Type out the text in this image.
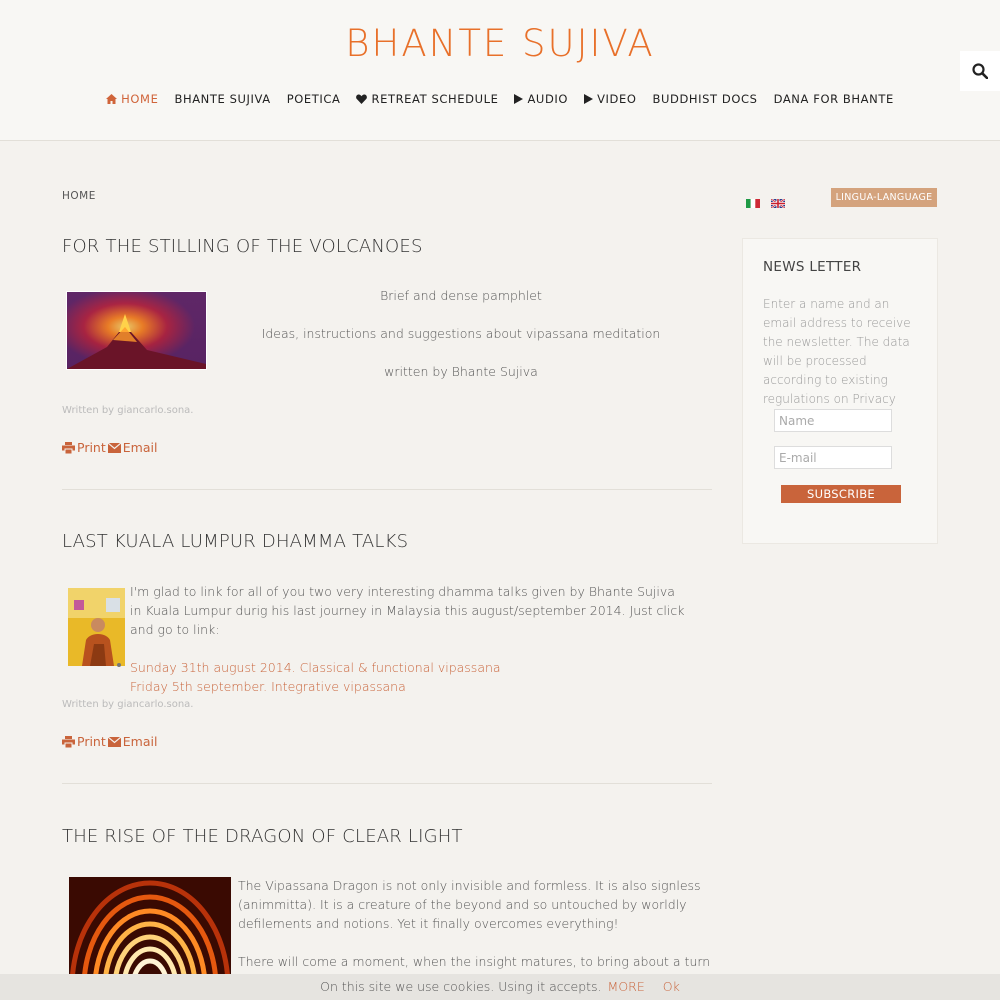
BHANTE SUJIVA
HOME BHANTE SUJIVA POETICA	RETREAT SCHEDULE	AUDIO	VIDEO BUDDHIST DOCS DANA FOR BHANTE
HOME
FOR THE STILLING OF THE VOLCANOES
Brief and dense pamphlet
Ideas, instructions and suggestions about vipassana meditation
written by Bhante Sujiva
Written by giancarlo.sona.
Print Email
LAST KUALA LUMPUR DHAMMA TALKS
I'm glad to link for all of you two very interesting dhamma talks given by Bhante Sujiva in Kuala Lumpur durig his last journey in Malaysia this august/september 2014. Just click and go to link:
Sunday 31th august 2014. Classical & functional vipassana
Friday 5th september. Integrative vipassana
Written by giancarlo.sona.
Print Email
THE RISE OF THE DRAGON OF CLEAR LIGHT
The Vipassana Dragon is not only invisible and formless. It is also signless (animmitta). It is a creature of the beyond and so untouched by worldly defilements and notions. Yet it finally overcomes everything!
There will come a moment, when the insight matures, to bring about a turn
LINGUA-LANGUAGE
NEWS LETTER
Enter a name and an email address to receive the newsletter. The data will be processed according to existing regulations on Privacy
Name
E-mail
SUBSCRIBE
On this site we use cookies. Using it accepts. MORE Ok
